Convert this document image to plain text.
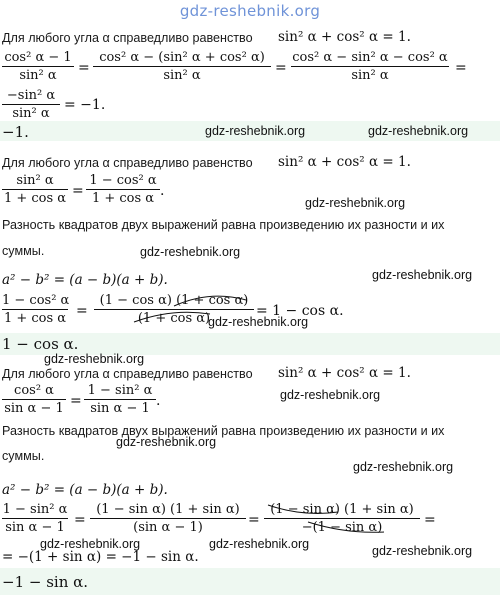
gdz-reshebnik.org
Для любого угла α справедливо равенство sin² α + cos² α = 1.
cos² α − 1
sin² α	=
cos² α − (sin² α + cos² α)
sin² α	=
cos² α − sin² α − cos² α
sin² α	=
−sin² α
sin² α
= −1.
−1.	gdz-reshebnik.org	gdz-reshebnik.org
Для любого угла α справедливо равенство sin² α + cos² α = 1.
sin² α
1 + cos α =
1 − cos² α
1 + cos α .
gdz-reshebnik.org
Разность квадратов двух выражений равна произведению их разности и их
суммы.	gdz-reshebnik.org
a² − b² = (a − b)(a + b).	gdz-reshebnik.org
1 − cos² α
1 + cos α =
(1 − cos α) (1 + cos α)
(1 + cos α)	= 1 − cos α.
gdz-reshebnik.org
1 − cos α.
gdz-reshebnik.org
Для любого угла α справедливо равенство sin² α + cos² α = 1.
cos² α
sin α − 1 =
1 − sin² α
sin α − 1 .	gdz-reshebnik.org
Разность квадратов двух выражений равна произведению их разности и их
gdz-reshebnik.org
суммы.
gdz-reshebnik.org
a² − b² = (a − b)(a + b).
1 − sin² α
sin α − 1 =
(1 − sin α) (1 + sin α)
(sin α − 1)	=
(1 − sin α) (1 + sin α)
−(1 − sin α)	=
= −(1 + sin α) = −1 − sin α.
gdz-reshebnik.org	gdz-reshebnik.org	gdz-reshebnik.org
−1 − sin α.
